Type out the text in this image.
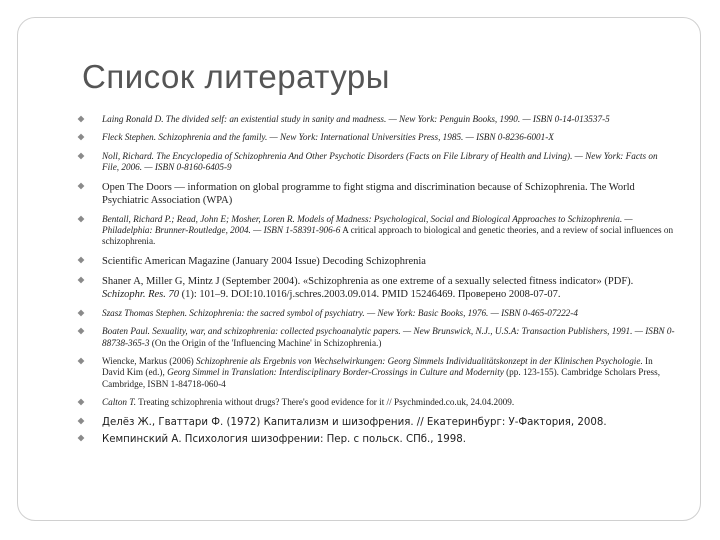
Список литературы
Laing Ronald D. The divided self: an existential study in sanity and madness. — New York: Penguin Books, 1990. — ISBN 0-14-013537-5
Fleck Stephen. Schizophrenia and the family. — New York: International Universities Press, 1985. — ISBN 0-8236-6001-X
Noll, Richard. The Encyclopedia of Schizophrenia And Other Psychotic Disorders (Facts on File Library of Health and Living). — New York: Facts on File, 2006. — ISBN 0-8160-6405-9
Open The Doors — information on global programme to fight stigma and discrimination because of Schizophrenia. The World Psychiatric Association (WPA)
Bentall, Richard P.; Read, John E; Mosher, Loren R. Models of Madness: Psychological, Social and Biological Approaches to Schizophrenia. — Philadelphia: Brunner-Routledge, 2004. — ISBN 1-58391-906-6 A critical approach to biological and genetic theories, and a review of social influences on schizophrenia.
Scientific American Magazine (January 2004 Issue) Decoding Schizophrenia
Shaner A, Miller G, Mintz J (September 2004). «Schizophrenia as one extreme of a sexually selected fitness indicator» (PDF). Schizophr. Res. 70 (1): 101–9. DOI:10.1016/j.schres.2003.09.014. PMID 15246469. Проверено 2008-07-07.
Szasz Thomas Stephen. Schizophrenia: the sacred symbol of psychiatry. — New York: Basic Books, 1976. — ISBN 0-465-07222-4
Boaten Paul. Sexuality, war, and schizophrenia: collected psychoanalytic papers. — New Brunswick, N.J., U.S.A: Transaction Publishers, 1991. — ISBN 0-88738-365-3 (On the Origin of the 'Influencing Machine' in Schizophrenia.)
Wiencke, Markus (2006) Schizophrenie als Ergebnis von Wechselwirkungen: Georg Simmels Individualitätskonzept in der Klinischen Psychologie. In David Kim (ed.), Georg Simmel in Translation: Interdisciplinary Border-Crossings in Culture and Modernity (pp. 123-155). Cambridge Scholars Press, Cambridge, ISBN 1-84718-060-4
Calton T. Treating schizophrenia without drugs? There's good evidence for it // Psychminded.co.uk, 24.04.2009.
Делёз Ж., Гваттари Ф. (1972) Капитализм и шизофрения. // Екатеринбург: У-Фактория, 2008.
Кемпинский А. Психология шизофрении: Пер. с польск. СПб., 1998.
